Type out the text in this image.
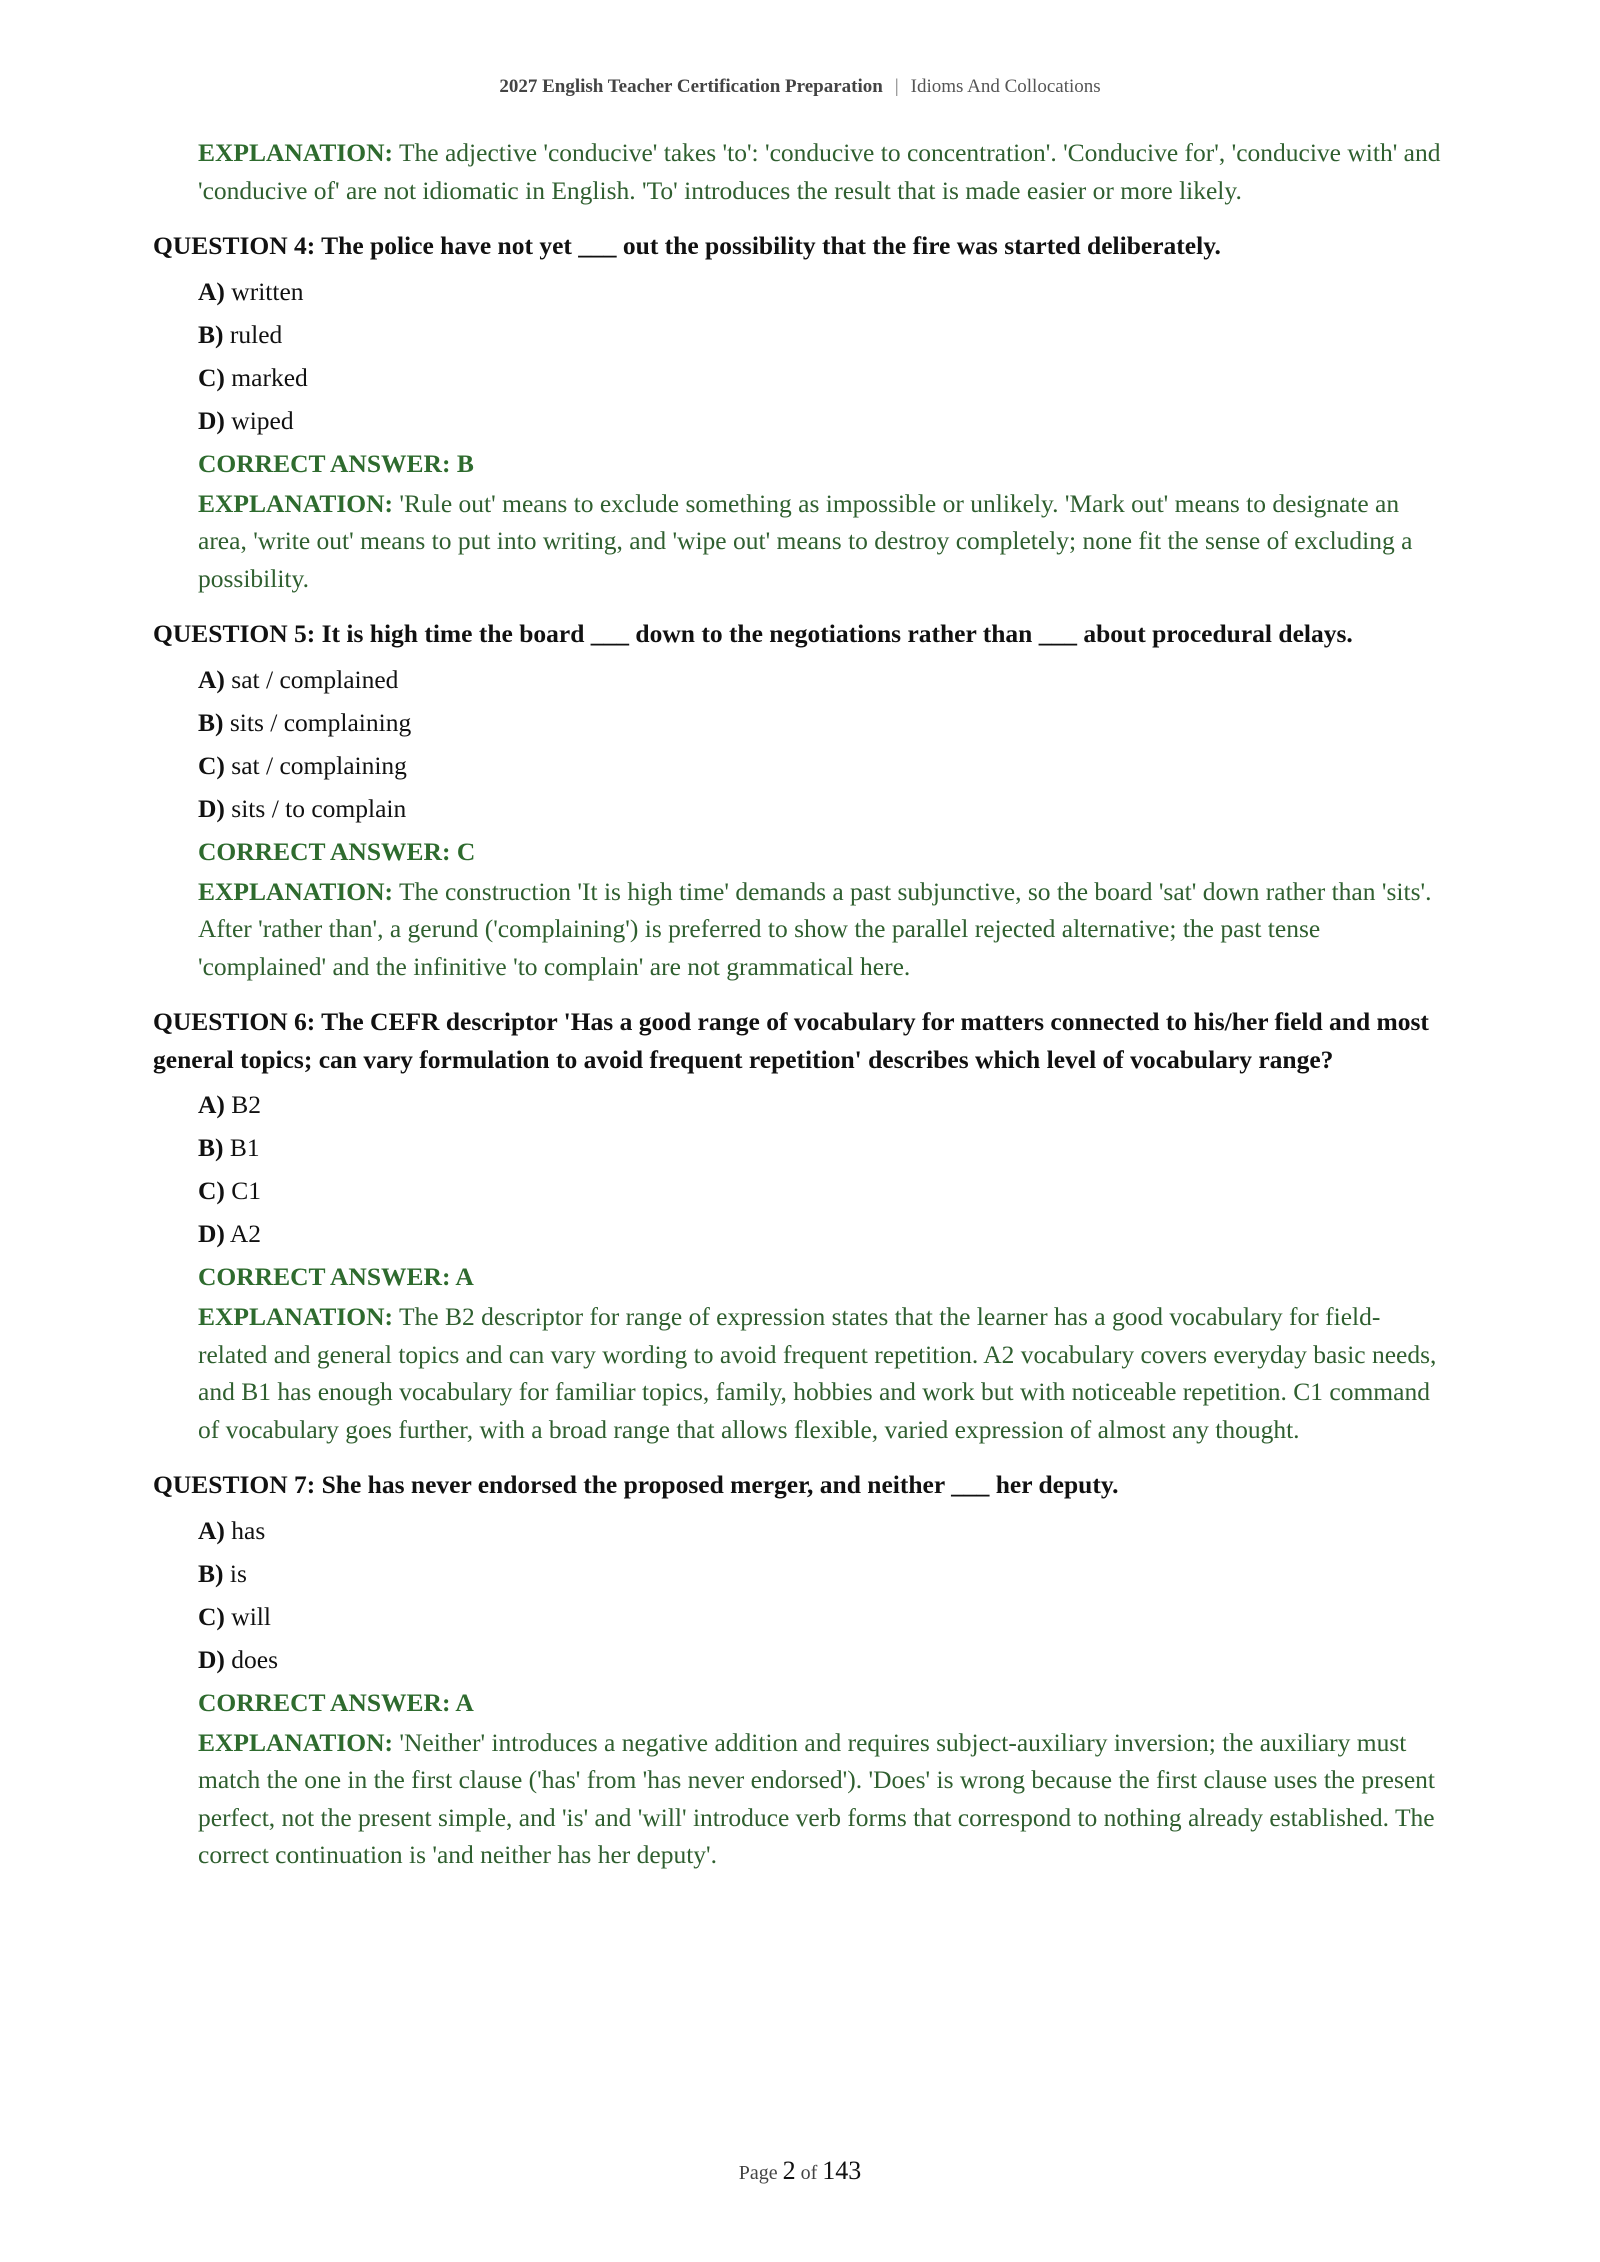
2027 English Teacher Certification Preparation | Idioms And Collocations
EXPLANATION: The adjective 'conducive' takes 'to': 'conducive to concentration'. 'Conducive for', 'conducive with' and 'conducive of' are not idiomatic in English. 'To' introduces the result that is made easier or more likely.
QUESTION 4: The police have not yet ___ out the possibility that the fire was started deliberately.
A) written
B) ruled
C) marked
D) wiped
CORRECT ANSWER: B
EXPLANATION: 'Rule out' means to exclude something as impossible or unlikely. 'Mark out' means to designate an area, 'write out' means to put into writing, and 'wipe out' means to destroy completely; none fit the sense of excluding a possibility.
QUESTION 5: It is high time the board ___ down to the negotiations rather than ___ about procedural delays.
A) sat / complained
B) sits / complaining
C) sat / complaining
D) sits / to complain
CORRECT ANSWER: C
EXPLANATION: The construction 'It is high time' demands a past subjunctive, so the board 'sat' down rather than 'sits'. After 'rather than', a gerund ('complaining') is preferred to show the parallel rejected alternative; the past tense 'complained' and the infinitive 'to complain' are not grammatical here.
QUESTION 6: The CEFR descriptor 'Has a good range of vocabulary for matters connected to his/her field and most general topics; can vary formulation to avoid frequent repetition' describes which level of vocabulary range?
A) B2
B) B1
C) C1
D) A2
CORRECT ANSWER: A
EXPLANATION: The B2 descriptor for range of expression states that the learner has a good vocabulary for field-related and general topics and can vary wording to avoid frequent repetition. A2 vocabulary covers everyday basic needs, and B1 has enough vocabulary for familiar topics, family, hobbies and work but with noticeable repetition. C1 command of vocabulary goes further, with a broad range that allows flexible, varied expression of almost any thought.
QUESTION 7: She has never endorsed the proposed merger, and neither ___ her deputy.
A) has
B) is
C) will
D) does
CORRECT ANSWER: A
EXPLANATION: 'Neither' introduces a negative addition and requires subject-auxiliary inversion; the auxiliary must match the one in the first clause ('has' from 'has never endorsed'). 'Does' is wrong because the first clause uses the present perfect, not the present simple, and 'is' and 'will' introduce verb forms that correspond to nothing already established. The correct continuation is 'and neither has her deputy'.
Page 2 of 143
